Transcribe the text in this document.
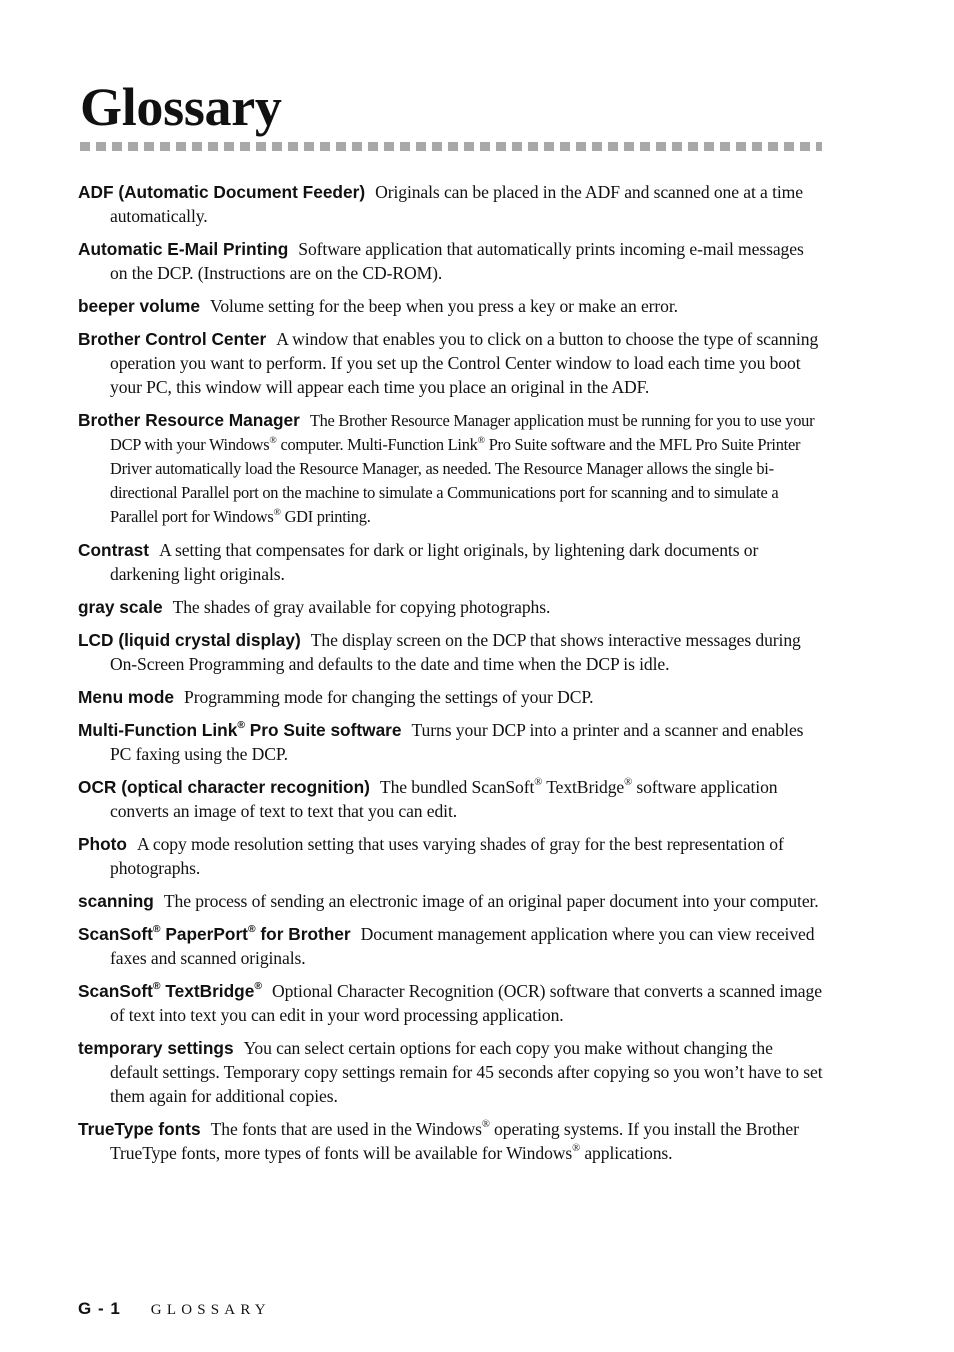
Glossary

ADF (Automatic Document Feeder) Originals can be placed in the ADF and scanned one at a time automatically.

Automatic E-Mail Printing Software application that automatically prints incoming e-mail messages on the DCP. (Instructions are on the CD-ROM).

beeper volume Volume setting for the beep when you press a key or make an error.

Brother Control Center A window that enables you to click on a button to choose the type of scanning operation you want to perform. If you set up the Control Center window to load each time you boot your PC, this window will appear each time you place an original in the ADF.

Brother Resource Manager The Brother Resource Manager application must be running for you to use your DCP with your Windows® computer. Multi-Function Link® Pro Suite software and the MFL Pro Suite Printer Driver automatically load the Resource Manager, as needed. The Resource Manager allows the single bi-directional Parallel port on the machine to simulate a Communications port for scanning and to simulate a Parallel port for Windows® GDI printing.

Contrast A setting that compensates for dark or light originals, by lightening dark documents or darkening light originals.

gray scale The shades of gray available for copying photographs.

LCD (liquid crystal display) The display screen on the DCP that shows interactive messages during On-Screen Programming and defaults to the date and time when the DCP is idle.

Menu mode Programming mode for changing the settings of your DCP.

Multi-Function Link® Pro Suite software Turns your DCP into a printer and a scanner and enables PC faxing using the DCP.

OCR (optical character recognition) The bundled ScanSoft® TextBridge® software application converts an image of text to text that you can edit.

Photo A copy mode resolution setting that uses varying shades of gray for the best representation of photographs.

scanning The process of sending an electronic image of an original paper document into your computer.

ScanSoft® PaperPort® for Brother Document management application where you can view received faxes and scanned originals.

ScanSoft® TextBridge® Optional Character Recognition (OCR) software that converts a scanned image of text into text you can edit in your word processing application.

temporary settings You can select certain options for each copy you make without changing the default settings. Temporary copy settings remain for 45 seconds after copying so you won’t have to set them again for additional copies.

TrueType fonts The fonts that are used in the Windows® operating systems. If you install the Brother TrueType fonts, more types of fonts will be available for Windows® applications.

G - 1 GLOSSARY
